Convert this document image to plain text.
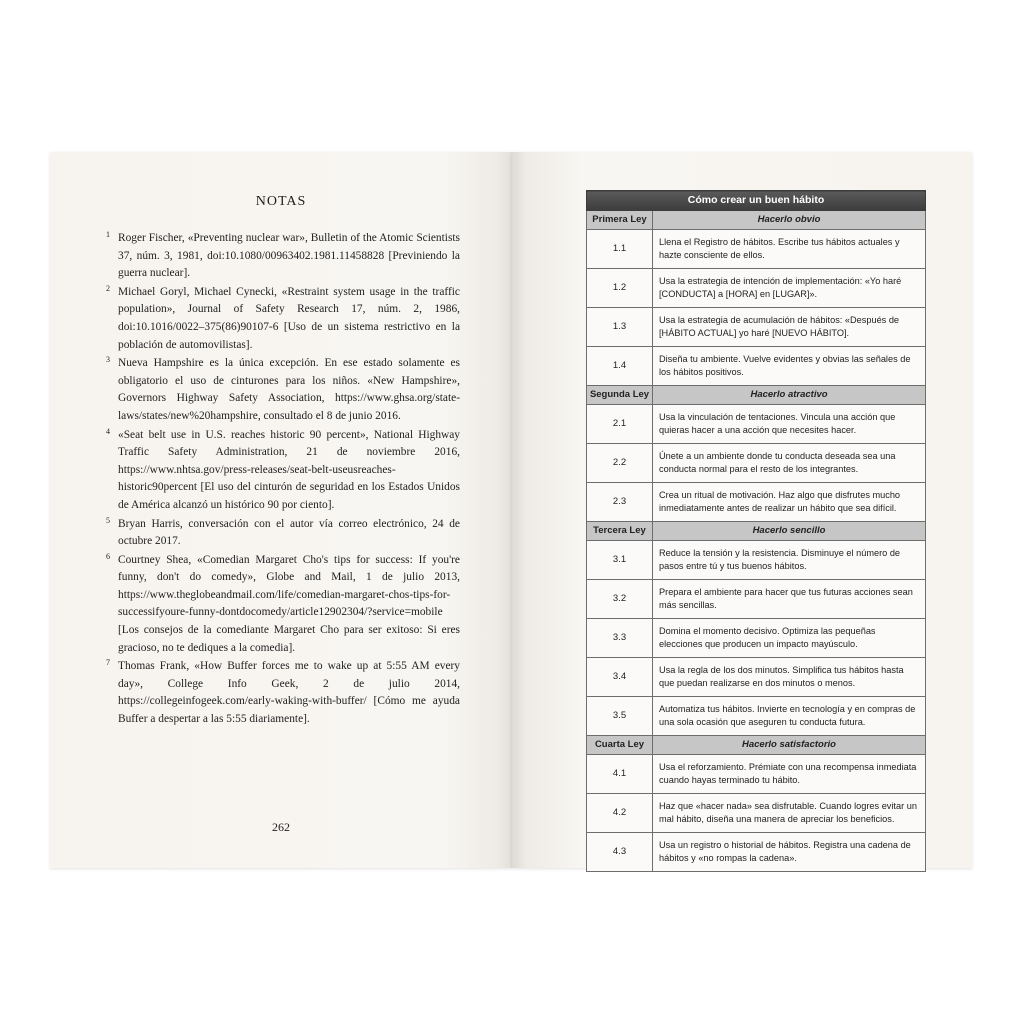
NOTAS
1 Roger Fischer, «Preventing nuclear war», Bulletin of the Atomic Scientists 37, núm. 3, 1981, doi:10.1080/00963402.1981.11458828 [Previniendo la guerra nuclear].
2 Michael Goryl, Michael Cynecki, «Restraint system usage in the traffic population», Journal of Safety Research 17, núm. 2, 1986, doi:10.1016/0022–375(86)90107-6 [Uso de un sistema restrictivo en la población de automovilistas].
3 Nueva Hampshire es la única excepción. En ese estado solamente es obligatorio el uso de cinturones para los niños. «New Hampshire», Governors Highway Safety Association, https://www.ghsa.org/state-laws/states/new%20hampshire, consultado el 8 de junio 2016.
4 «Seat belt use in U.S. reaches historic 90 percent», National Highway Traffic Safety Administration, 21 de noviembre 2016, https://www.nhtsa.gov/press-releases/seat-belt-useusreaches-historic90percent [El uso del cinturón de seguridad en los Estados Unidos de América alcanzó un histórico 90 por ciento].
5 Bryan Harris, conversación con el autor vía correo electrónico, 24 de octubre 2017.
6 Courtney Shea, «Comedian Margaret Cho's tips for success: If you're funny, don't do comedy», Globe and Mail, 1 de julio 2013, https://www.theglobeandmail.com/life/comedian-margaret-chos-tips-for-successifyoure-funny-dontdocomedy/article12902304/?service=mobile [Los consejos de la comediante Margaret Cho para ser exitoso: Si eres gracioso, no te dediques a la comedia].
7 Thomas Frank, «How Buffer forces me to wake up at 5:55 AM every day», College Info Geek, 2 de julio 2014, https://collegeinfogeek.com/early-waking-with-buffer/ [Cómo me ayuda Buffer a despertar a las 5:55 diariamente].
262
Cómo crear un buen hábito	
Primera Ley	Hacerlo obvio
1.1	Llena el Registro de hábitos. Escribe tus hábitos actuales y hazte consciente de ellos.
1.2	Usa la estrategia de intención de implementación: «Yo haré [CONDUCTA] a [HORA] en [LUGAR]».
1.3	Usa la estrategia de acumulación de hábitos: «Después de [HÁBITO ACTUAL] yo haré [NUEVO HÁBITO].
1.4	Diseña tu ambiente. Vuelve evidentes y obvias las señales de los hábitos positivos.
Segunda Ley	Hacerlo atractivo
2.1	Usa la vinculación de tentaciones. Vincula una acción que quieras hacer a una acción que necesites hacer.
2.2	Únete a un ambiente donde tu conducta deseada sea una conducta normal para el resto de los integrantes.
2.3	Crea un ritual de motivación. Haz algo que disfrutes mucho inmediatamente antes de realizar un hábito que sea difícil.
Tercera Ley	Hacerlo sencillo
3.1	Reduce la tensión y la resistencia. Disminuye el número de pasos entre tú y tus buenos hábitos.
3.2	Prepara el ambiente para hacer que tus futuras acciones sean más sencillas.
3.3	Domina el momento decisivo. Optimiza las pequeñas elecciones que producen un impacto mayúsculo.
3.4	Usa la regla de los dos minutos. Simplifica tus hábitos hasta que puedan realizarse en dos minutos o menos.
3.5	Automatiza tus hábitos. Invierte en tecnología y en compras de una sola ocasión que aseguren tu conducta futura.
Cuarta Ley	Hacerlo satisfactorio
4.1	Usa el reforzamiento. Prémiate con una recompensa inmediata cuando hayas terminado tu hábito.
4.2	Haz que «hacer nada» sea disfrutable. Cuando logres evitar un mal hábito, diseña una manera de apreciar los beneficios.
4.3	Usa un registro o historial de hábitos. Registra una cadena de hábitos y «no rompas la cadena».
